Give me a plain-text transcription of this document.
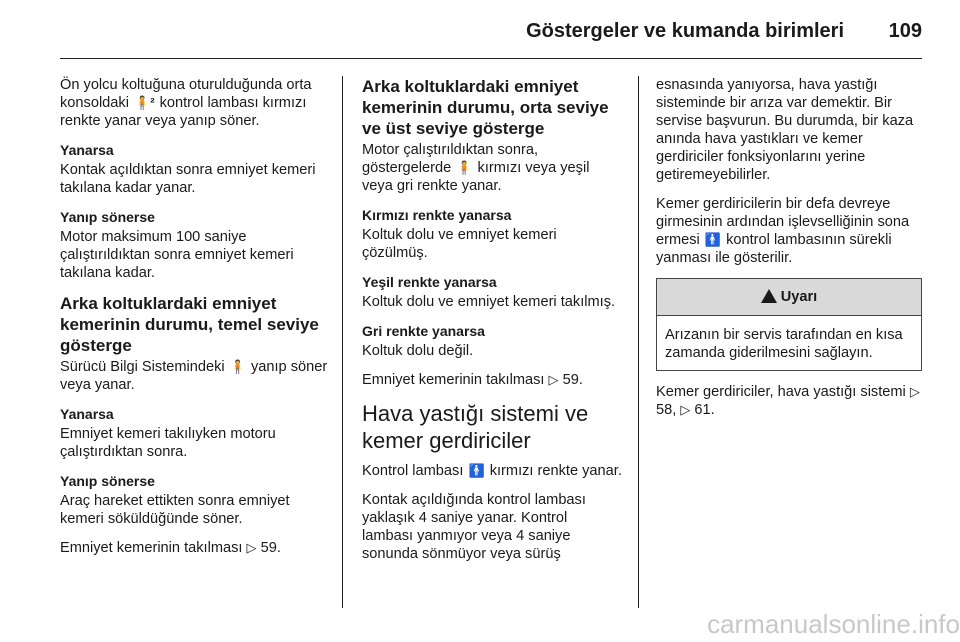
Göstergeler ve kumanda birimleri 109

Ön yolcu koltuğuna oturulduğunda orta konsoldaki 🧍² kontrol lambası kırmızı renkte yanar veya yanıp söner.

Yanarsa

Kontak açıldıktan sonra emniyet kemeri takılana kadar yanar.

Yanıp sönerse

Motor maksimum 100 saniye çalıştırıldıktan sonra emniyet kemeri takılana kadar.

Arka koltuklardaki emniyet kemerinin durumu, temel seviye gösterge

Sürücü Bilgi Sistemindeki 🧍 yanıp söner veya yanar.

Yanarsa

Emniyet kemeri takılıyken motoru çalıştırdıktan sonra.

Yanıp sönerse

Araç hareket ettikten sonra emniyet kemeri söküldüğünde söner.

Emniyet kemerinin takılması ▷ 59.

Arka koltuklardaki emniyet kemerinin durumu, orta seviye ve üst seviye gösterge

Motor çalıştırıldıktan sonra, göstergelerde 🧍 kırmızı veya yeşil veya gri renkte yanar.

Kırmızı renkte yanarsa

Koltuk dolu ve emniyet kemeri çözülmüş.

Yeşil renkte yanarsa

Koltuk dolu ve emniyet kemeri takılmış.

Gri renkte yanarsa

Koltuk dolu değil.

Emniyet kemerinin takılması ▷ 59.

Hava yastığı sistemi ve kemer gerdiriciler

Kontrol lambası 🚹 kırmızı renkte yanar.

Kontak açıldığında kontrol lambası yaklaşık 4 saniye yanar. Kontrol lambası yanmıyor veya 4 saniye sonunda sönmüyor veya sürüş

esnasında yanıyorsa, hava yastığı sisteminde bir arıza var demektir. Bir servise başvurun. Bu durumda, bir kaza anında hava yastıkları ve kemer gerdiriciler fonksiyonlarını yerine getiremeyebilirler.

Kemer gerdiricilerin bir defa devreye girmesinin ardından işlevselliğinin sona ermesi 🚹 kontrol lambasının sürekli yanması ile gösterilir.

Uyarı
Arızanın bir servis tarafından en kısa zamanda giderilmesini sağlayın.

Kemer gerdiriciler, hava yastığı sistemi ▷ 58, ▷ 61.

carmanualsonline.info
